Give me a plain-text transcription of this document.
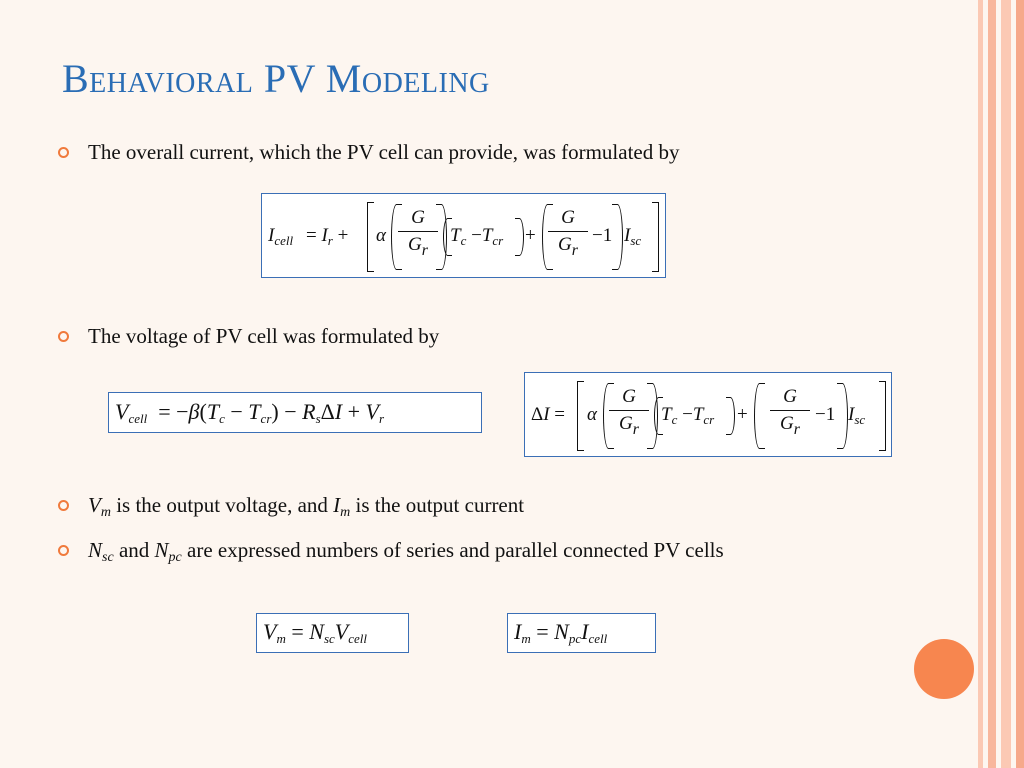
Behavioral PV Modeling
The overall current, which the PV cell can provide, was formulated by
$I_{cell} = I_r + \alpha$
G
$G_r$
$T_c -T_{cr}$ +
G
$G_r$
−1 $I_{sc}$
The voltage of PV cell was formulated by
$V_{cell} = -\beta(T_c - T_{cr}) - R_s\Delta I + V_r$	ΔI = α
G
$G_r$
$T_c -T_{cr}$ +
G
$G_r$
−1 $I_{sc}$
$V_m$ is the output voltage, and $I_m$ is the output current
$N_{sc}$ and $N_{pc}$ are expressed numbers of series and parallel connected PV cells
$V_m = N_{sc}V_{cell}$	$I_m = N_{pc}I_{cell}$
